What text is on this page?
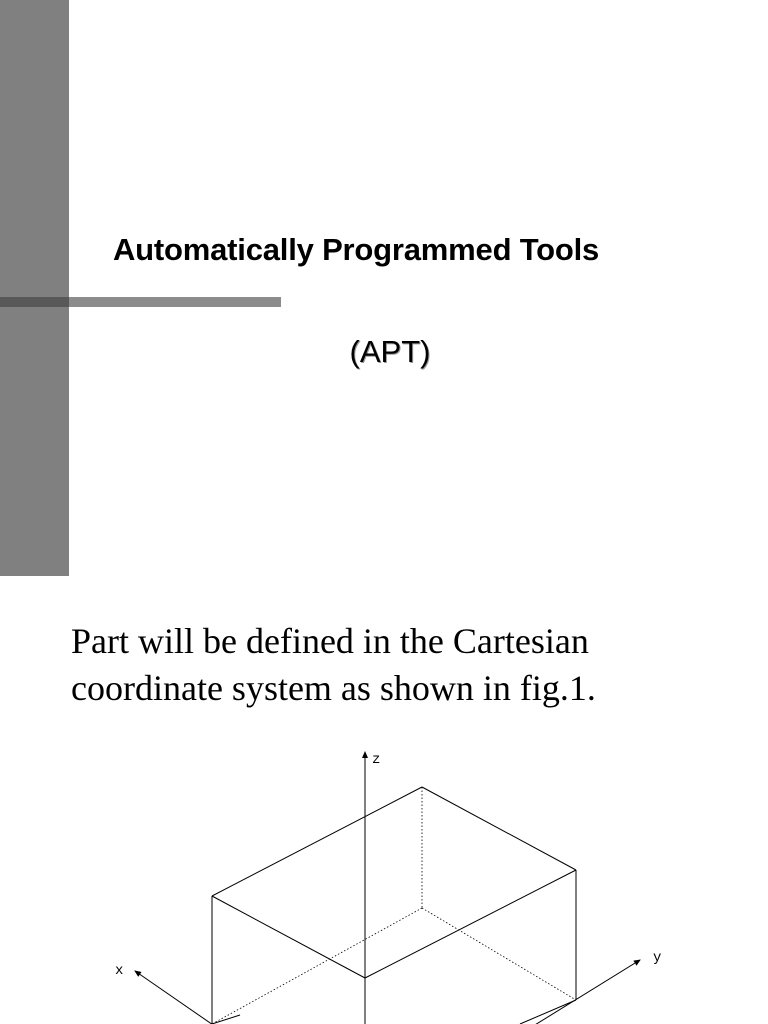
Automatically Programmed Tools
(APT)
Part will be defined in the Cartesian
coordinate system as shown in fig.1.
z
x
y
